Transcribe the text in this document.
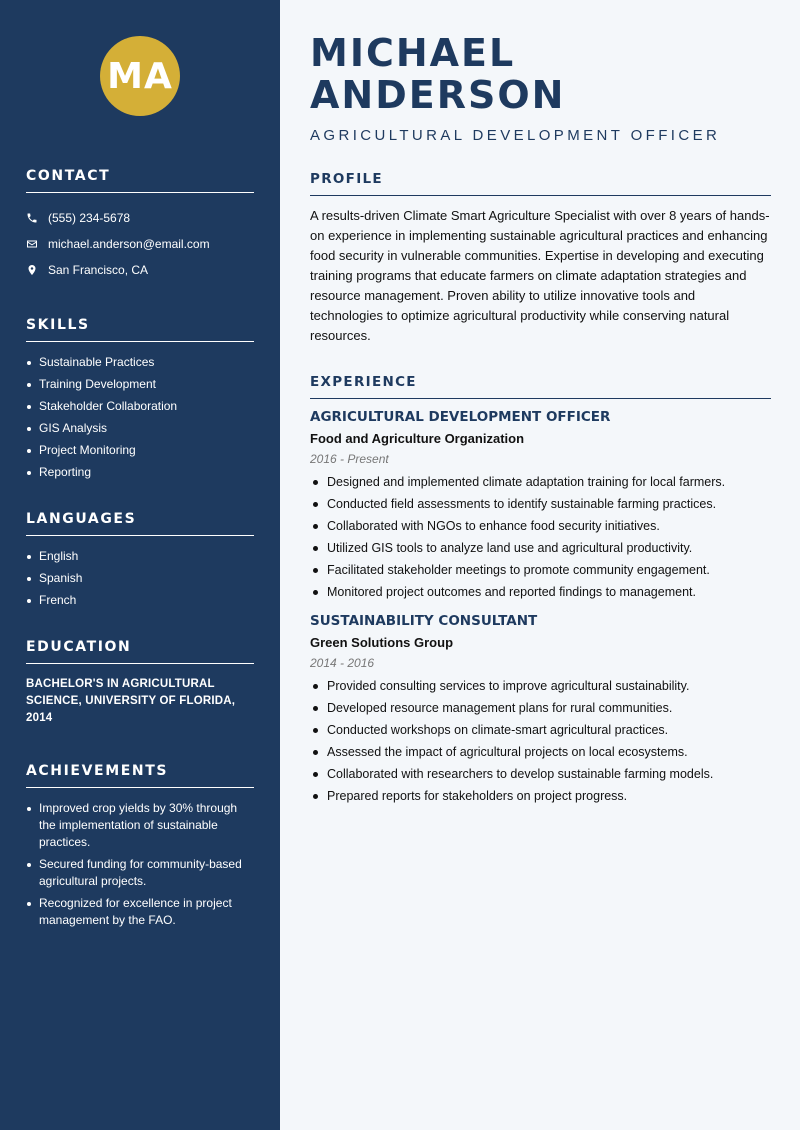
MA
CONTACT
(555) 234-5678
michael.anderson@email.com
San Francisco, CA
SKILLS
Sustainable Practices
Training Development
Stakeholder Collaboration
GIS Analysis
Project Monitoring
Reporting
LANGUAGES
English
Spanish
French
EDUCATION

BACHELOR'S IN AGRICULTURAL SCIENCE, UNIVERSITY OF FLORIDA, 2014

ACHIEVEMENTS
Improved crop yields by 30% through the implementation of sustainable practices.
Secured funding for community-based agricultural projects.
Recognized for excellence in project management by the FAO.
MICHAEL ANDERSON
AGRICULTURAL DEVELOPMENT OFFICER
PROFILE

A results-driven Climate Smart Agriculture Specialist with over 8 years of hands-on experience in implementing sustainable agricultural practices and enhancing food security in vulnerable communities. Expertise in developing and executing training programs that educate farmers on climate adaptation strategies and resource management. Proven ability to utilize innovative tools and technologies to optimize agricultural productivity while conserving natural resources.

EXPERIENCE
AGRICULTURAL DEVELOPMENT OFFICER
Food and Agriculture Organization
2016 - Present
Designed and implemented climate adaptation training for local farmers.
Conducted field assessments to identify sustainable farming practices.
Collaborated with NGOs to enhance food security initiatives.
Utilized GIS tools to analyze land use and agricultural productivity.
Facilitated stakeholder meetings to promote community engagement.
Monitored project outcomes and reported findings to management.
SUSTAINABILITY CONSULTANT
Green Solutions Group
2014 - 2016
Provided consulting services to improve agricultural sustainability.
Developed resource management plans for rural communities.
Conducted workshops on climate-smart agricultural practices.
Assessed the impact of agricultural projects on local ecosystems.
Collaborated with researchers to develop sustainable farming models.
Prepared reports for stakeholders on project progress.
